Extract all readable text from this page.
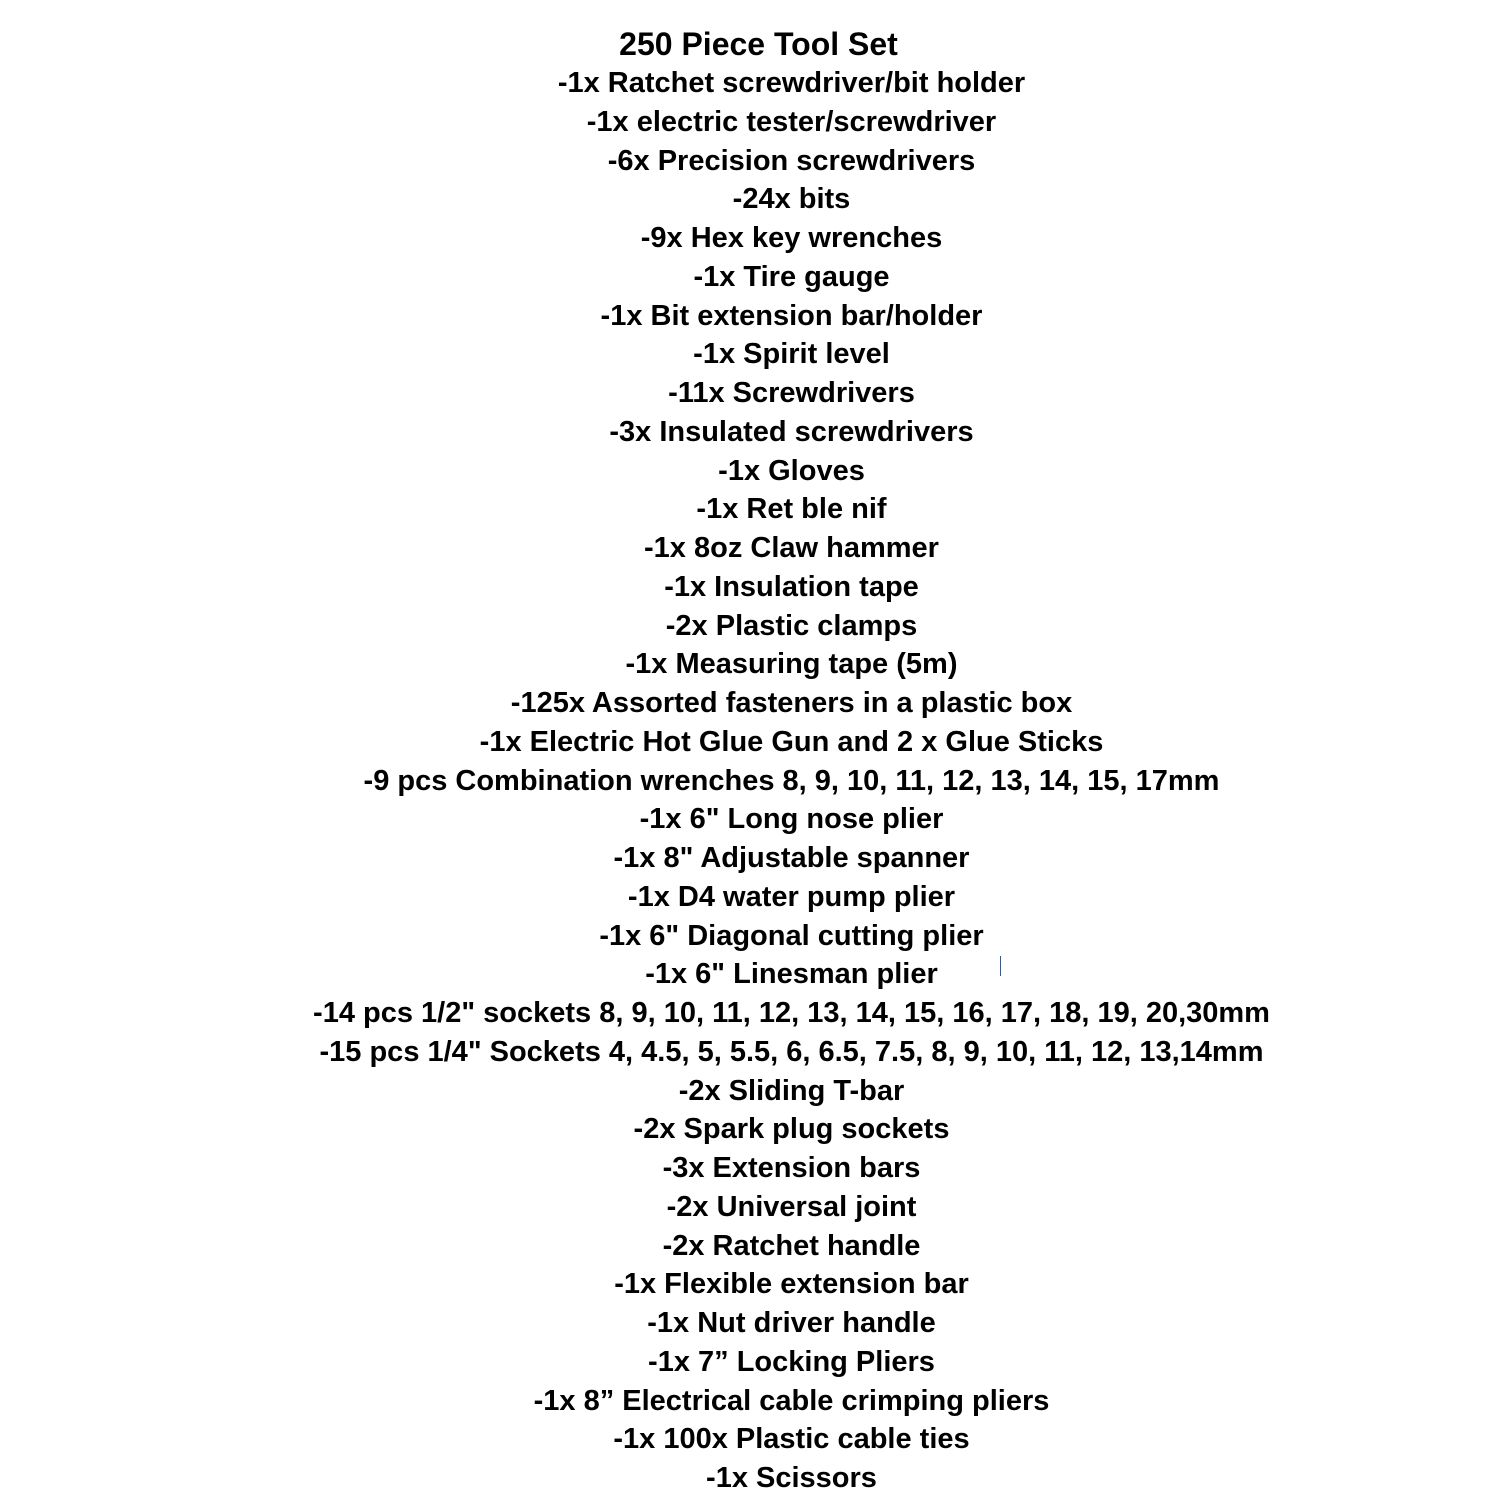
250 Piece Tool Set
-1x Ratchet screwdriver/bit holder
-1x electric tester/screwdriver
-6x Precision screwdrivers
-24x bits
-9x Hex key wrenches
-1x Tire gauge
-1x Bit extension bar/holder
-1x Spirit level
-11x Screwdrivers
-3x Insulated screwdrivers
-1x Gloves
-1x Ret ble nif
-1x 8oz Claw hammer
-1x Insulation tape
-2x Plastic clamps
-1x Measuring tape (5m)
-125x Assorted fasteners in a plastic box
-1x Electric Hot Glue Gun and 2 x Glue Sticks
-9 pcs Combination wrenches 8, 9, 10, 11, 12, 13, 14, 15, 17mm
-1x 6" Long nose plier
-1x 8" Adjustable spanner
-1x D4 water pump plier
-1x 6" Diagonal cutting plier
-1x 6" Linesman plier
-14 pcs 1/2" sockets 8, 9, 10, 11, 12, 13, 14, 15, 16, 17, 18, 19, 20,30mm
-15 pcs 1/4" Sockets 4, 4.5, 5, 5.5, 6, 6.5, 7.5, 8, 9, 10, 11, 12, 13,14mm
-2x Sliding T-bar
-2x Spark plug sockets
-3x Extension bars
-2x Universal joint
-2x Ratchet handle
-1x Flexible extension bar
-1x Nut driver handle
-1x 7” Locking Pliers
-1x 8” Electrical cable crimping pliers
-1x 100x Plastic cable ties
-1x Scissors
